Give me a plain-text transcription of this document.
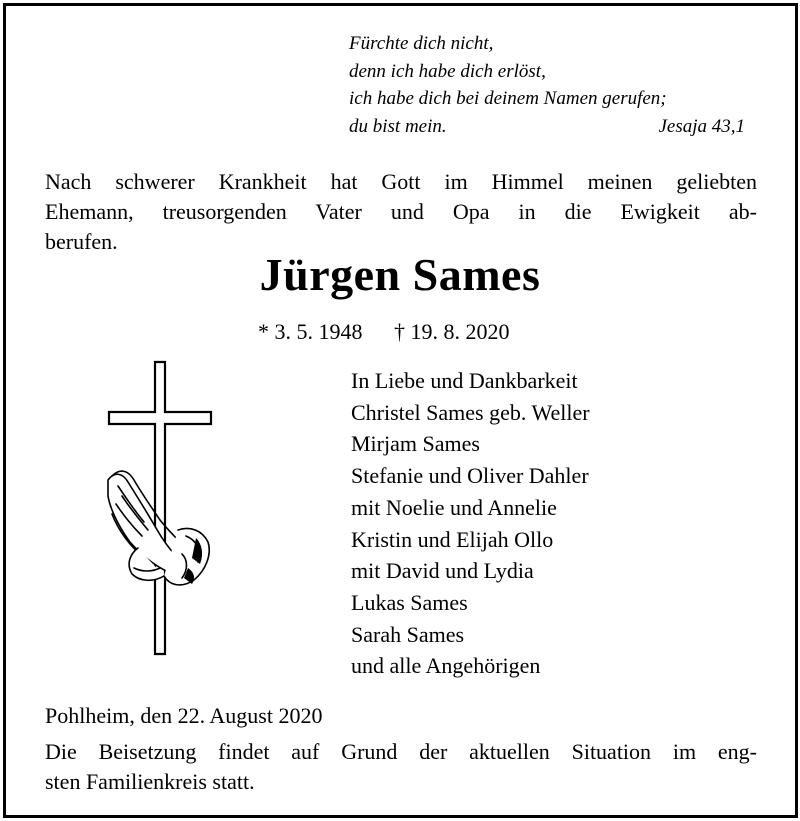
Fürchte dich nicht,
denn ich habe dich erlöst,
ich habe dich bei deinem Namen gerufen;
du bist mein.	Jesaja 43,1
Nach schwerer Krankheit hat Gott im Himmel meinen geliebten
Ehemann, treusorgenden Vater und Opa in die Ewigkeit ab-
berufen.
Jürgen Sames
* 3. 5. 1948 † 19. 8. 2020
In Liebe und Dankbarkeit
Christel Sames geb. Weller
Mirjam Sames
Stefanie und Oliver Dahler
mit Noelie und Annelie
Kristin und Elijah Ollo
mit David und Lydia
Lukas Sames
Sarah Sames
und alle Angehörigen
Pohlheim, den 22. August 2020
Die Beisetzung findet auf Grund der aktuellen Situation im eng-
sten Familienkreis statt.
